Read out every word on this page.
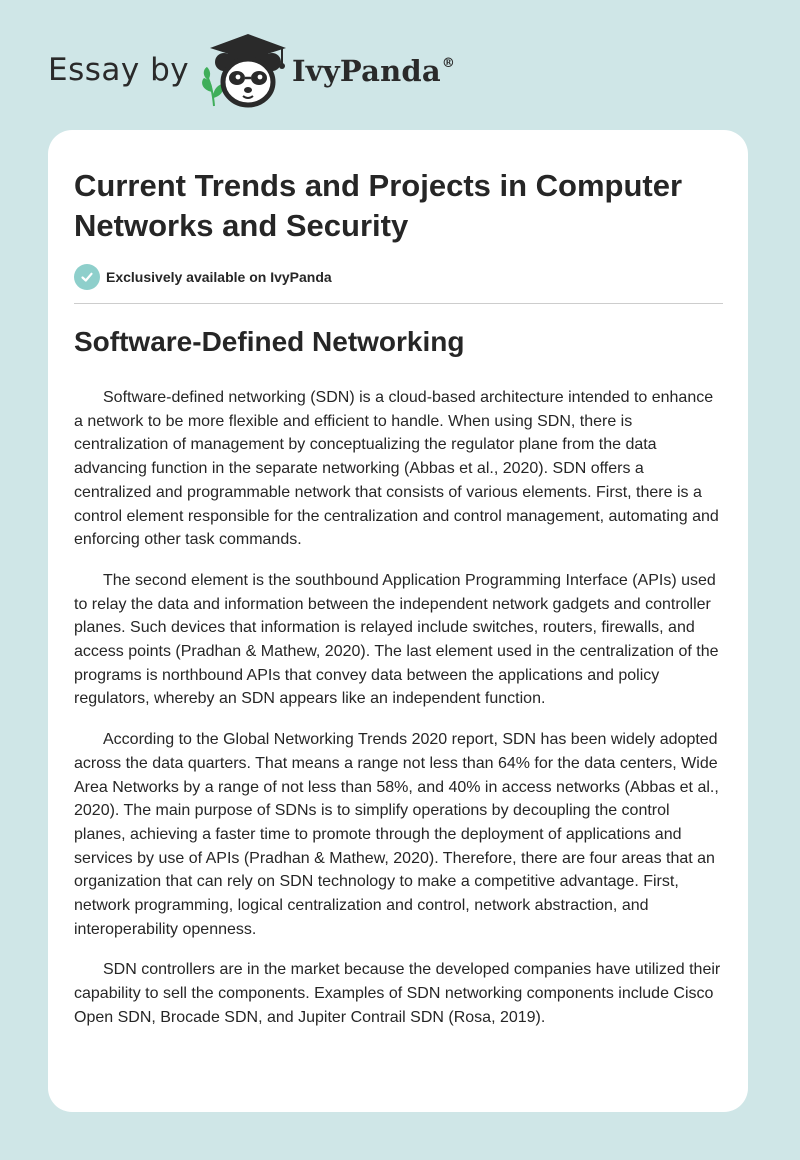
Essay by	IvyPanda®
Current Trends and Projects in Computer Networks and Security
Exclusively available on IvyPanda
Software-Defined Networking

Software-defined networking (SDN) is a cloud-based architecture intended to enhance a network to be more flexible and efficient to handle. When using SDN, there is centralization of management by conceptualizing the regulator plane from the data advancing function in the separate networking (Abbas et al., 2020). SDN offers a centralized and programmable network that consists of various elements. First, there is a control element responsible for the centralization and control management, automating and enforcing other task commands.

The second element is the southbound Application Programming Interface (APIs) used to relay the data and information between the independent network gadgets and controller planes. Such devices that information is relayed include switches, routers, firewalls, and access points (Pradhan & Mathew, 2020). The last element used in the centralization of the programs is northbound APIs that convey data between the applications and policy regulators, whereby an SDN appears like an independent function.

According to the Global Networking Trends 2020 report, SDN has been widely adopted across the data quarters. That means a range not less than 64% for the data centers, Wide Area Networks by a range of not less than 58%, and 40% in access networks (Abbas et al., 2020). The main purpose of SDNs is to simplify operations by decoupling the control planes, achieving a faster time to promote through the deployment of applications and services by use of APIs (Pradhan & Mathew, 2020). Therefore, there are four areas that an organization that can rely on SDN technology to make a competitive advantage. First, network programming, logical centralization and control, network abstraction, and interoperability openness.

SDN controllers are in the market because the developed companies have utilized their capability to sell the components. Examples of SDN networking components include Cisco Open SDN, Brocade SDN, and Jupiter Contrail SDN (Rosa, 2019).
